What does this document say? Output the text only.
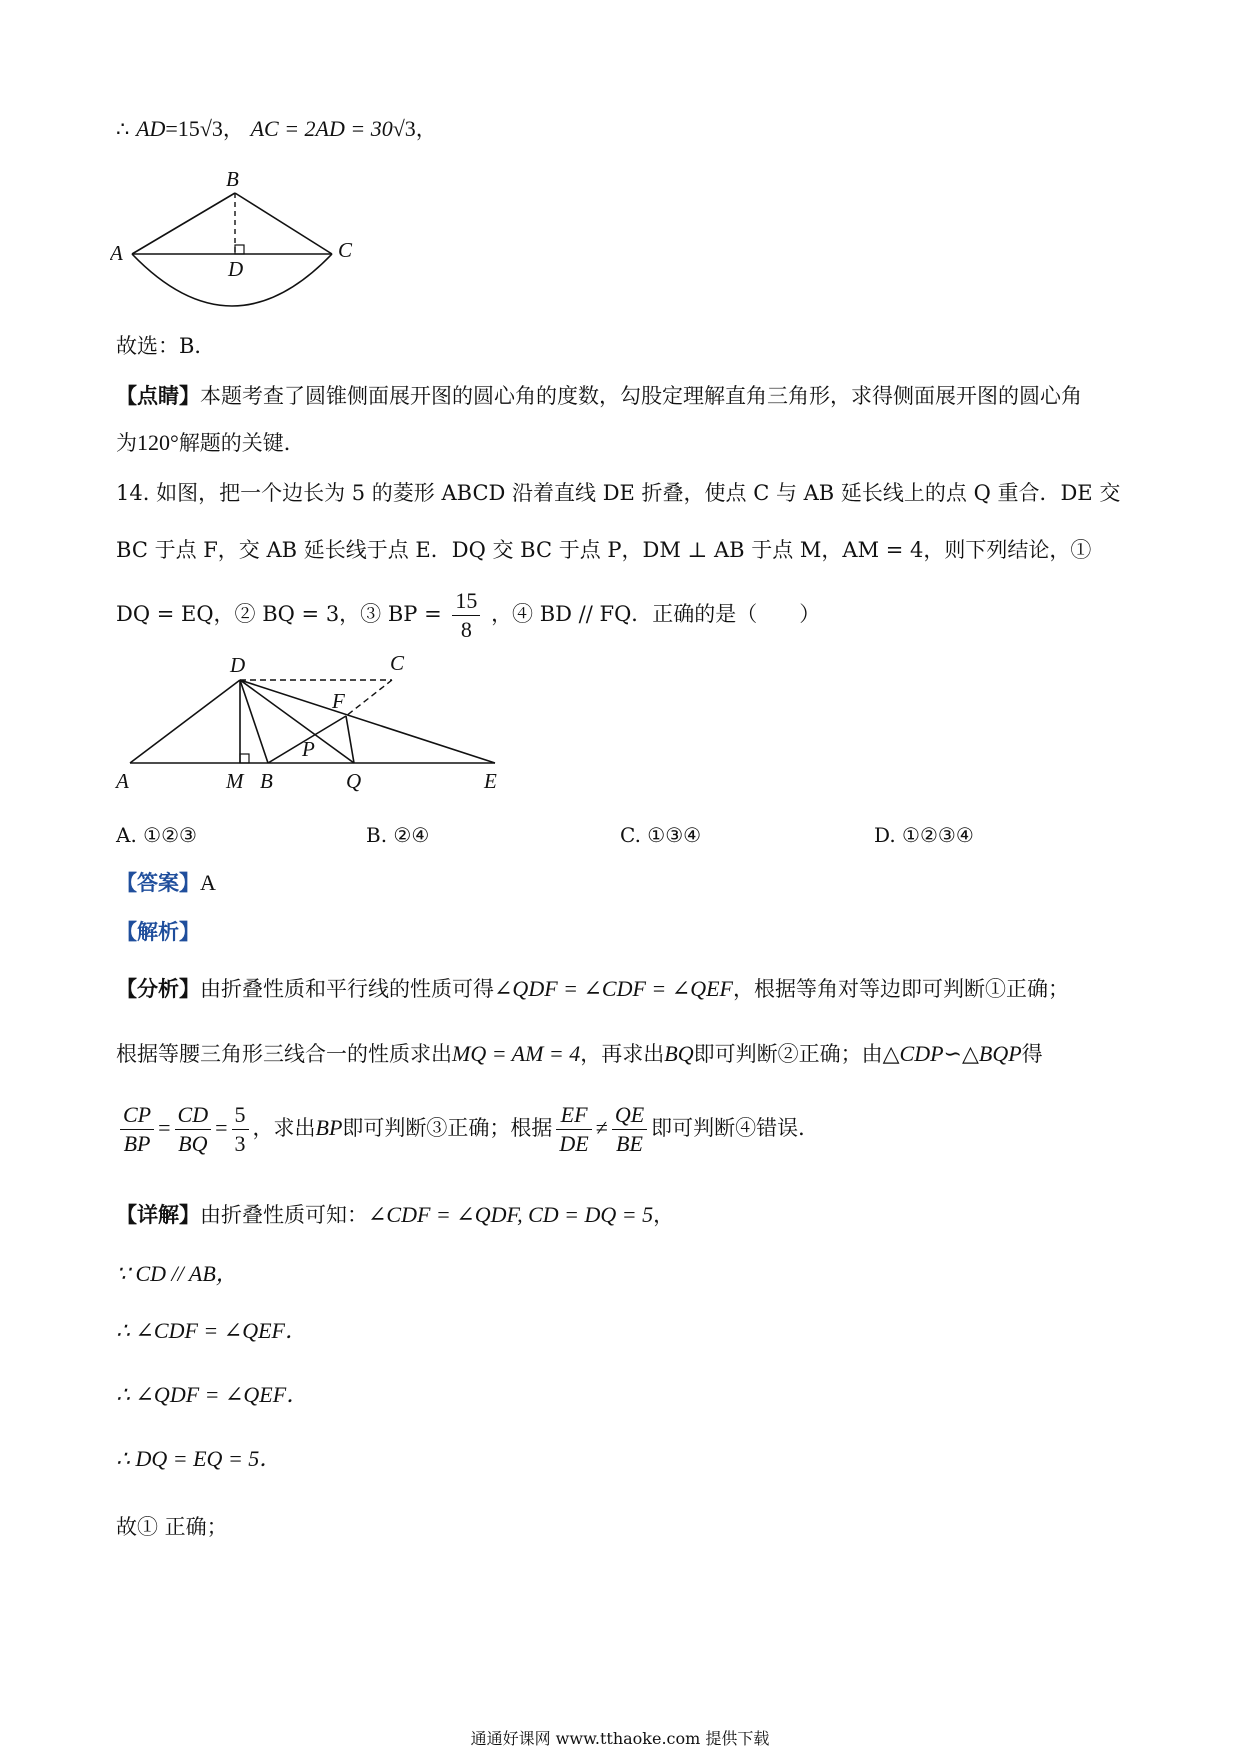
∴ AD=15√3， AC = 2AD = 30√3，
B
A
D
C
故选：B．
【点睛】本题考查了圆锥侧面展开图的圆心角的度数，勾股定理解直角三角形，求得侧面展开图的圆心角
为120°解题的关键．
14. 如图，把一个边长为 5 的菱形 ABCD 沿着直线 DE 折叠，使点 C 与 AB 延长线上的点 Q 重合．DE 交
BC 于点 F，交 AB 延长线于点 E．DQ 交 BC 于点 P，DM ⊥ AB 于点 M，AM = 4，则下列结论，①
DQ = EQ，② BQ = 3，③ BP = $\frac{15}{8}$ ，④ BD // FQ．正确的是（　　）
D	C
F
P
A	M B	Q	E
A. ①②③	B. ②④	C. ①③④	D. ①②③④
【答案】A
【解析】
【分析】由折叠性质和平行线的性质可得∠QDF = ∠CDF = ∠QEF，根据等角对等边即可判断①正确；
根据等腰三角形三线合一的性质求出MQ = AM = 4，再求出BQ即可判断②正确；由△CDP∽△BQP得
$\frac{CP}{BP} = \frac{CD}{BQ} = \frac{5}{3}$ ，求出BP即可判断③正确；根据 $\frac{EF}{DE} \ne \frac{QE}{BE}$ 即可判断④错误．
【详解】由折叠性质可知：∠CDF = ∠QDF, CD = DQ = 5，
∵ CD // AB，
∴ ∠CDF = ∠QEF．
∴ ∠QDF = ∠QEF．
∴ DQ = EQ = 5．
故① 正确；
通通好课网 www.tthaoke.com 提供下载
